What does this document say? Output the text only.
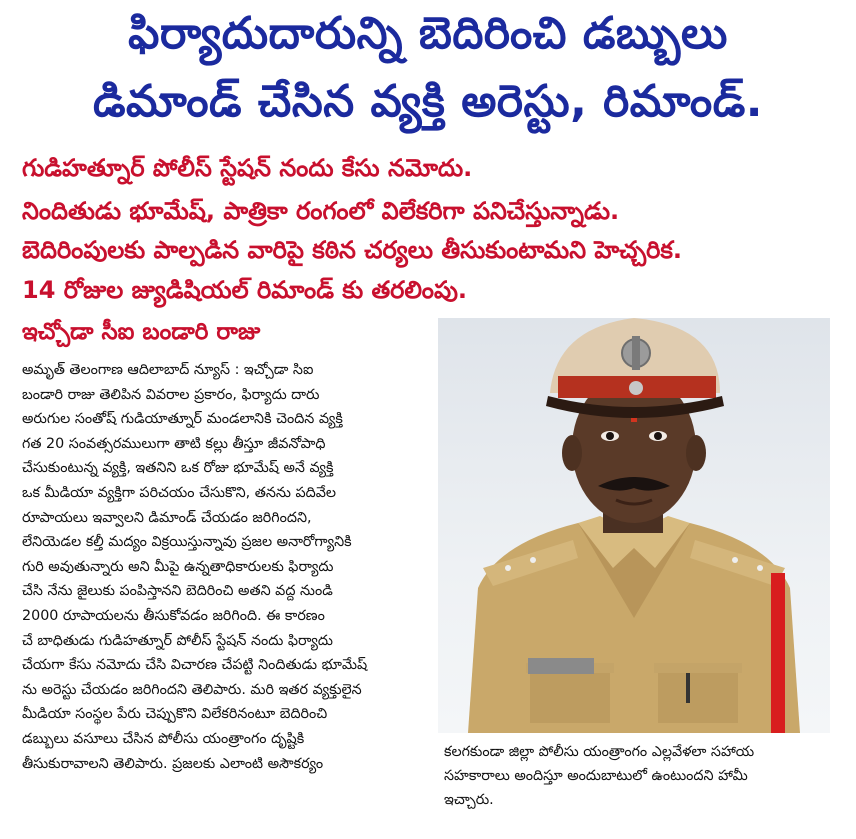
ఫిర్యాదుదారున్ని బెదిరించి డబ్బులు
డిమాండ్ చేసిన వ్యక్తి అరెస్టు, రిమాండ్.
గుడిహత్నూర్ పోలీస్ స్టేషన్ నందు కేసు నమోదు.
నిందితుడు భూమేష్, పాత్రికా రంగంలో విలేకరిగా పనిచేస్తున్నాడు.
బెదిరింపులకు పాల్పడిన వారిపై కఠిన చర్యలు తీసుకుంటామని హెచ్చరిక.
14 రోజుల జ్యుడిషియల్ రిమాండ్ కు తరలింపు.
ఇచ్చోడా సీఐ బండారి రాజు
అమృత్ తెలంగాణ ఆదిలాబాద్ న్యూస్ : ఇచ్చోడా సిఐ
బండారి రాజు తెలిపిన వివరాల ప్రకారం, ఫిర్యాదు దారు
అరుగుల సంతోష్ గుడియాత్నూర్ మండలానికి చెందిన వ్యక్తి
గత 20 సంవత్సరములుగా తాటి కల్లు తీస్తూ జీవనోపాధి
చేసుకుంటున్న వ్యక్తి, ఇతనిని ఒక రోజు భూమేష్ అనే వ్యక్తి
ఒక మీడియా వ్యక్తిగా పరిచయం చేసుకొని, తనను పదివేల
రూపాయలు ఇవ్వాలని డిమాండ్ చేయడం జరిగిందని,
లేనియెడల కల్తీ మద్యం విక్రయిస్తున్నావు ప్రజల అనారోగ్యానికి
గురి అవుతున్నారు అని మీపై ఉన్నతాధికారులకు ఫిర్యాదు
చేసి నేను జైలుకు పంపిస్తానని బెదిరించి అతని వద్ద నుండి
2000 రూపాయలను తీసుకోవడం జరిగింది. ఈ కారణం
చే బాధితుడు గుడిహత్నూర్ పోలీస్ స్టేషన్ నందు ఫిర్యాదు
చేయగా కేసు నమోదు చేసి విచారణ చేపట్టి నిందితుడు భూమేష్
ను అరెస్టు చేయడం జరిగిందని తెలిపారు. మరి ఇతర వ్యక్తులైన
మీడియా సంస్థల పేరు చెప్పుకొని విలేకరినంటూ బెదిరించి
డబ్బులు వసూలు చేసిన పోలీసు యంత్రాంగం దృష్టికి
తీసుకురావాలని తెలిపారు. ప్రజలకు ఎలాంటి అసౌకర్యం
కలగకుండా జిల్లా పోలీసు యంత్రాంగం ఎల్లవేళలా సహాయ
సహకారాలు అందిస్తూ అందుబాటులో ఉంటుందని హామీ
ఇచ్చారు.
